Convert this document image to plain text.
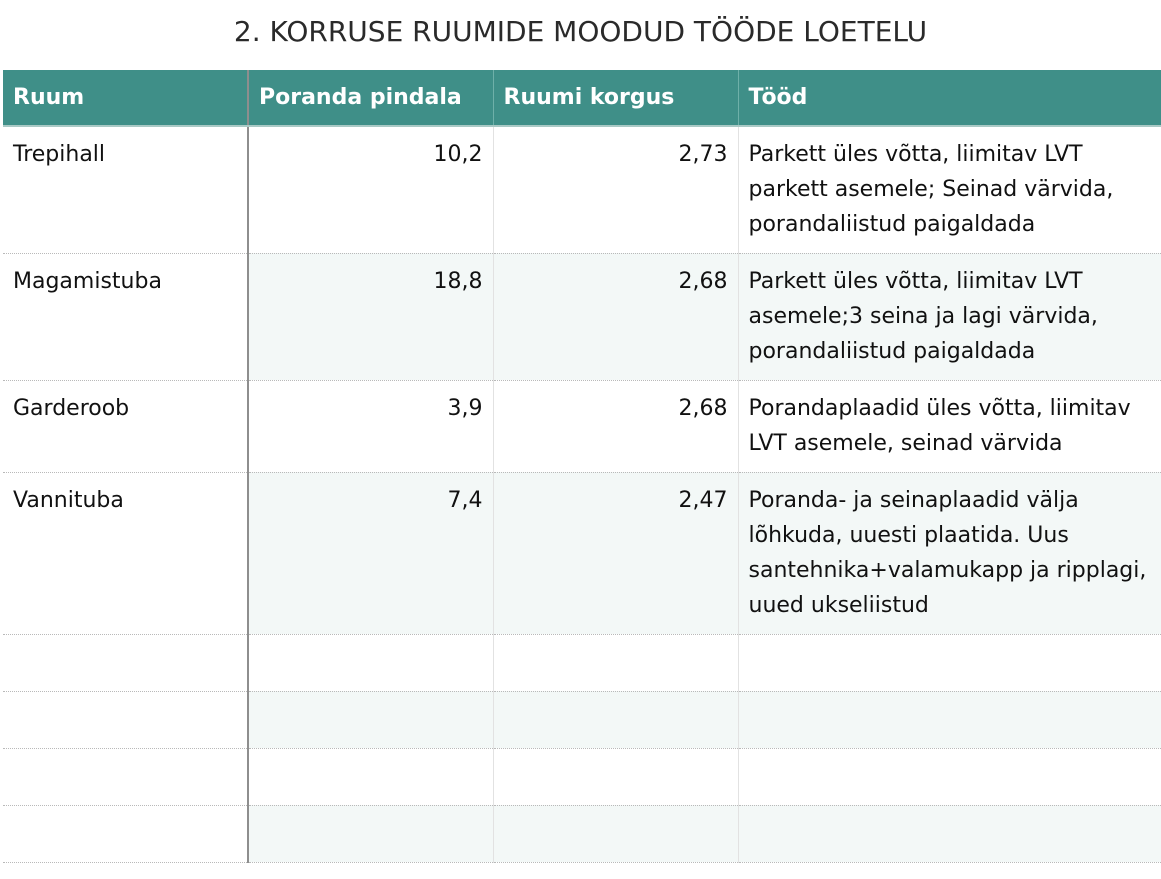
2. KORRUSE RUUMIDE MOODUD TÖÖDE LOETELU
Ruum	Poranda pindala	Ruumi korgus	Tööd
Trepihall	10,2	2,73	Parkett üles võtta, liimitav LVT parkett asemele; Seinad värvida, porandaliistud paigaldada
Magamistuba	18,8	2,68	Parkett üles võtta, liimitav LVT asemele;3 seina ja lagi värvida, porandaliistud paigaldada
Garderoob	3,9	2,68	Porandaplaadid üles võtta, liimitav LVT asemele, seinad värvida
Vannituba	7,4	2,47	Poranda- ja seinaplaadid välja lõhkuda, uuesti plaatida. Uus santehnika+valamukapp ja ripplagi, uued ukseliistud
